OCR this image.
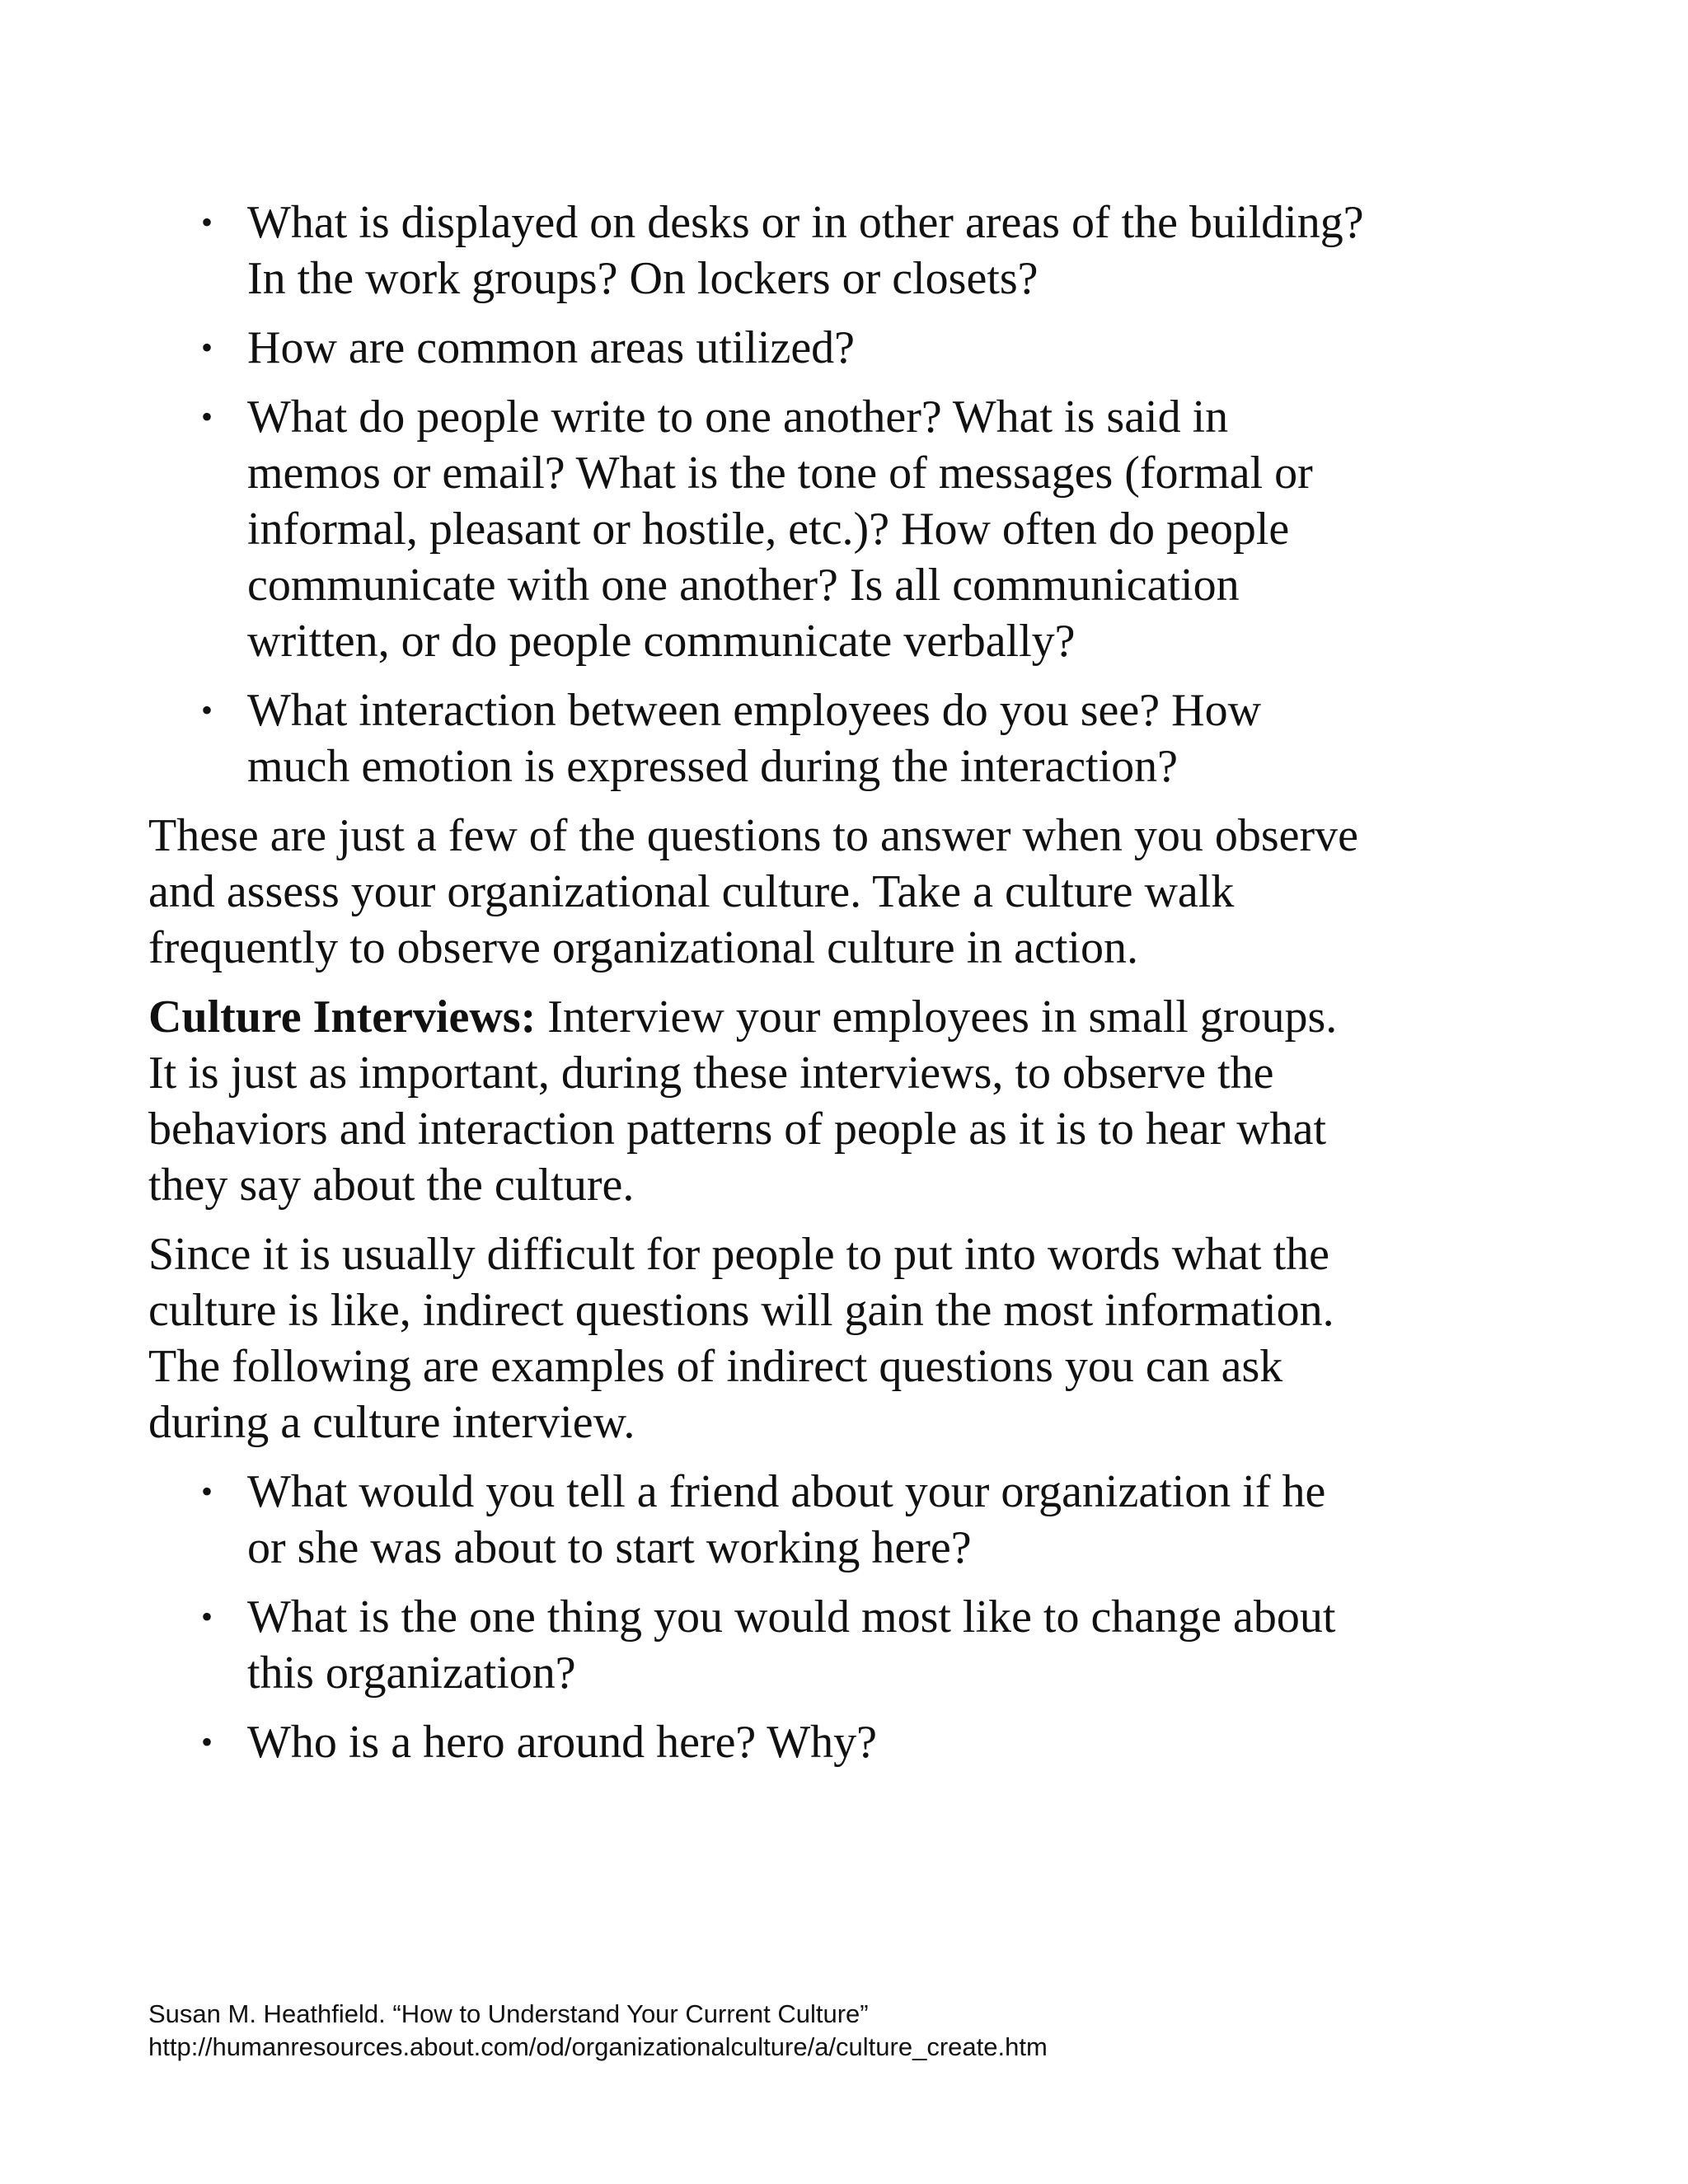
• What is displayed on desks or in other areas of the building? In the work groups? On lockers or closets?
• How are common areas utilized?
• What do people write to one another? What is said in memos or email? What is the tone of messages (formal or informal, pleasant or hostile, etc.)? How often do people communicate with one another? Is all communication written, or do people communicate verbally?
• What interaction between employees do you see? How much emotion is expressed during the interaction?

These are just a few of the questions to answer when you observe and assess your organizational culture. Take a culture walk frequently to observe organizational culture in action.

Culture Interviews: Interview your employees in small groups. It is just as important, during these interviews, to observe the behaviors and interaction patterns of people as it is to hear what they say about the culture.

Since it is usually difficult for people to put into words what the culture is like, indirect questions will gain the most information. The following are examples of indirect questions you can ask during a culture interview.

• What would you tell a friend about your organization if he or she was about to start working here?
• What is the one thing you would most like to change about this organization?
• Who is a hero around here? Why?
Susan M. Heathfield. “How to Understand Your Current Culture”
http://humanresources.about.com/od/organizationalculture/a/culture_create.htm
